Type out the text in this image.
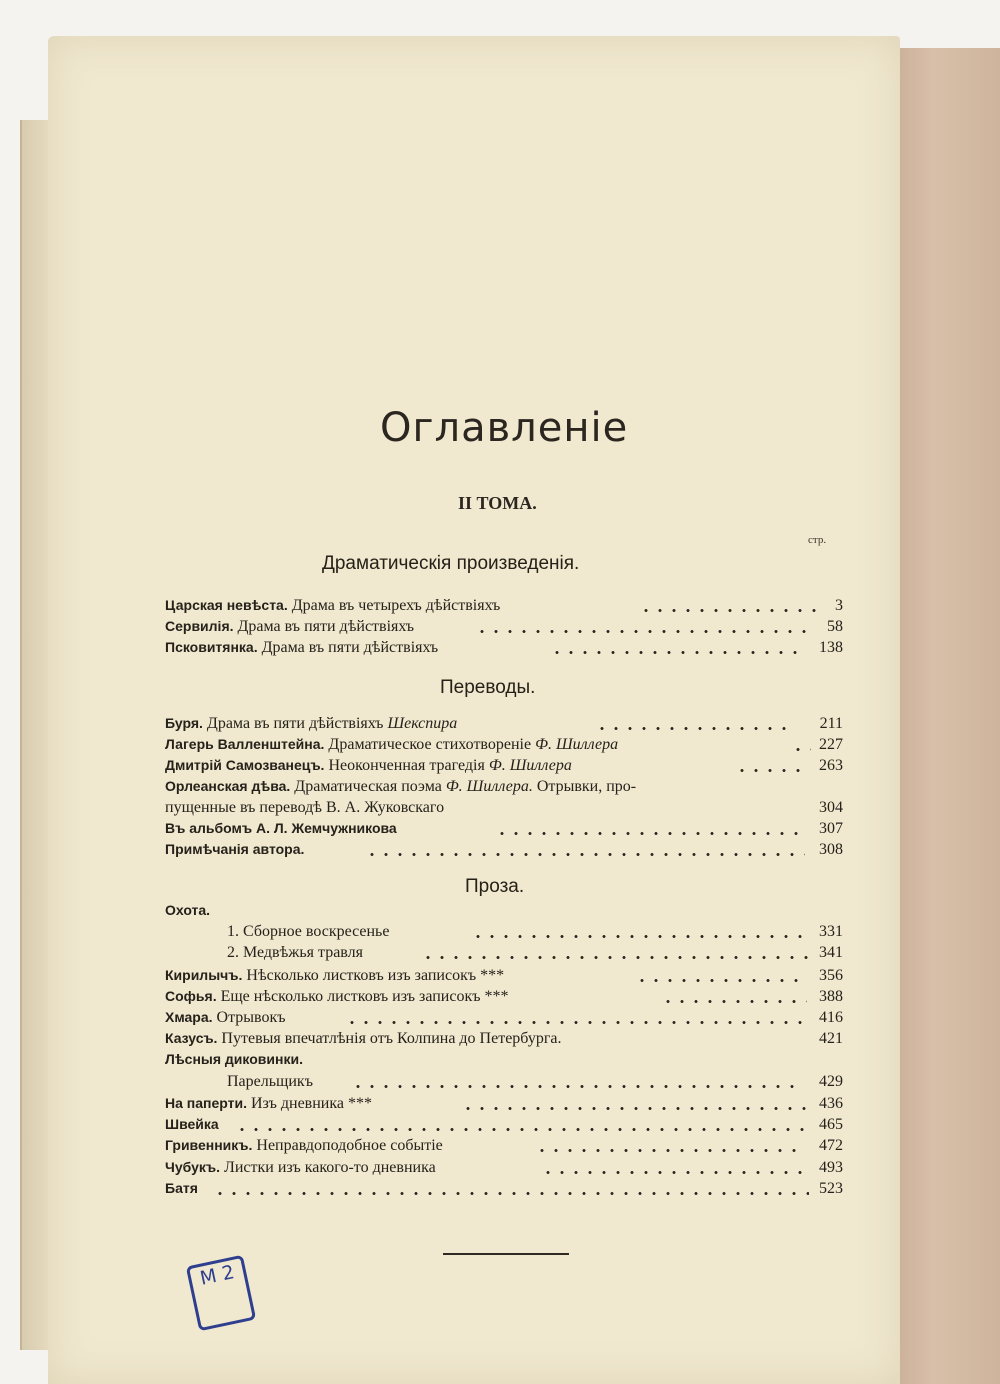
Оглавленіе
II ТОМА.
стр.
Драматическія произведенія.
Царская невѣста. Драма въ четырехъ дѣйствіяхъ	3
Сервилія. Драма въ пяти дѣйствіяхъ	58
Псковитянка. Драма въ пяти дѣйствіяхъ	138
Переводы.
Буря. Драма въ пяти дѣйствіяхъ Шекспира	211
Лагерь Валленштейна. Драматическое стихотвореніе Ф. Шиллера	227
Дмитрій Самозванецъ. Неоконченная трагедія Ф. Шиллера	263
Орлеанская дѣва. Драматическая поэма Ф. Шиллера. Отрывки, про-
пущенные въ переводѣ В. А. Жуковскаго	304
Въ альбомъ А. Л. Жемчужникова	307
Примѣчанія автора.	308
Проза.
Охота.
1. Сборное воскресенье	331
2. Медвѣжья травля	341
Кирилычъ. Нѣсколько листковъ изъ записокъ ***	356
Софья. Еще нѣсколько листковъ изъ записокъ ***	388
Хмара. Отрывокъ	416
Казусъ. Путевыя впечатлѣнія отъ Колпина до Петербурга.	421
Лѣсныя диковинки.
Парельщикъ	429
На паперти. Изъ дневника ***	436
Швейка	465
Гривенникъ. Неправдоподобное событіе	472
Чубукъ. Листки изъ какого-то дневника	493
Батя	523
М 2
